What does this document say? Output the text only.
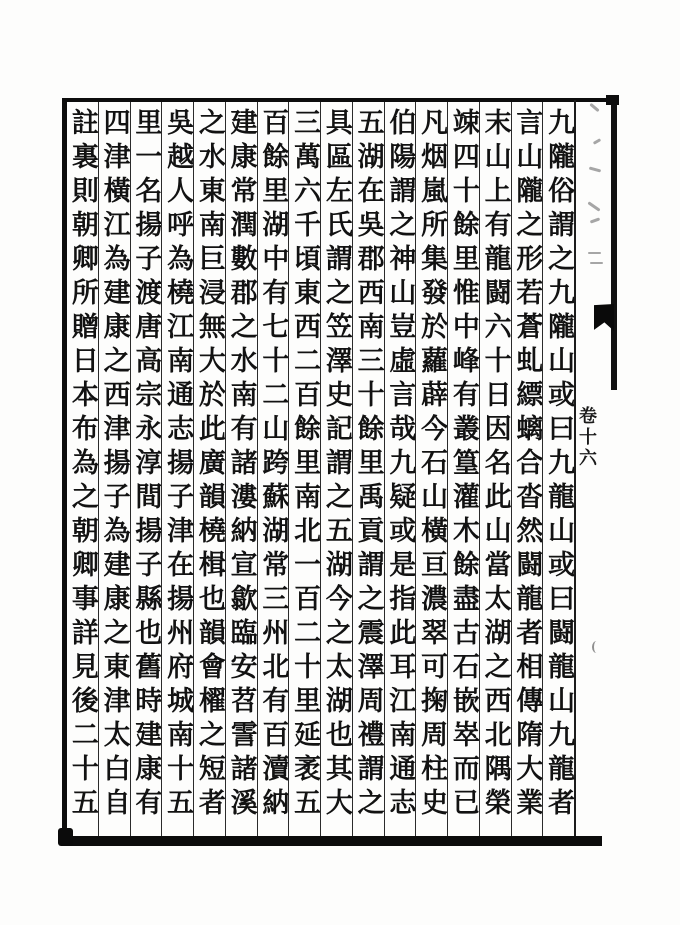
九隴俗謂之九隴山或曰九龍山或曰闘龍山九龍者
言山隴之形若蒼虬縹螭合沓然闘龍者相傳隋大業
末山上有龍闘六十日因名此山當太湖之西北隅榮
竦四十餘里惟中峰有叢篁灌木餘盡古石嵌崒而已
凡烟嵐所集發於蘿薜今石山橫亘濃翠可掬周柱史
伯陽謂之神山豈虛言哉九疑或是指此耳江南通志
五湖在吳郡西南三十餘里禹貢謂之震澤周禮謂之
具區左氏謂之笠澤史記謂之五湖今之太湖也其大
三萬六千頃東西二百餘里南北一百二十里延袤五
百餘里湖中有七十二山跨蘇湖常三州北有百瀆納
建康常潤數郡之水南有諸漊納宣歙臨安苕霅諸溪
之水東南巨浸無大於此廣韻橈楫也韻會櫂之短者
吳越人呼為橈江南通志揚子津在揚州府城南十五
里一名揚子渡唐高宗永淳間揚子縣也舊時建康有
四津橫江為建康之西津揚子為建康之東津太白自
註裏則朝卿所贈日本布為之朝卿事詳見後二十五	卷十六
